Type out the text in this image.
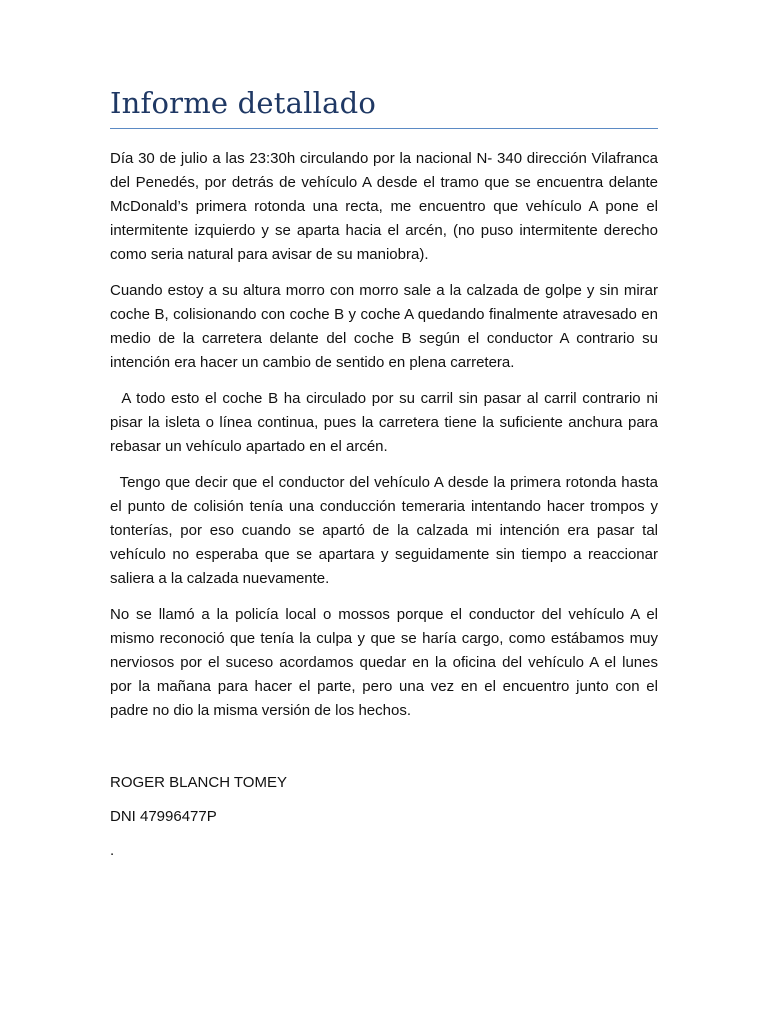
Informe detallado

Día 30 de julio a las 23:30h circulando por la nacional N- 340 dirección Vilafranca del Penedés, por detrás de vehículo A desde el tramo que se encuentra delante McDonald’s primera rotonda una recta, me encuentro que vehículo A pone el intermitente izquierdo y se aparta hacia el arcén, (no puso intermitente derecho como seria natural para avisar de su maniobra).

Cuando estoy a su altura morro con morro sale a la calzada de golpe y sin mirar coche B, colisionando con coche B y coche A quedando finalmente atravesado en medio de la carretera delante del coche B según el conductor A contrario su intención era hacer un cambio de sentido en plena carretera.

A todo esto el coche B ha circulado por su carril sin pasar al carril contrario ni pisar la isleta o línea continua, pues la carretera tiene la suficiente anchura para rebasar un vehículo apartado en el arcén.

Tengo que decir que el conductor del vehículo A desde la primera rotonda hasta el punto de colisión tenía una conducción temeraria intentando hacer trompos y tonterías, por eso cuando se apartó de la calzada mi intención era pasar tal vehículo no esperaba que se apartara y seguidamente sin tiempo a reaccionar saliera a la calzada nuevamente.

No se llamó a la policía local o mossos porque el conductor del vehículo A el mismo reconoció que tenía la culpa y que se haría cargo, como estábamos muy nerviosos por el suceso acordamos quedar en la oficina del vehículo A el lunes por la mañana para hacer el parte, pero una vez en el encuentro junto con el padre no dio la misma versión de los hechos.

ROGER BLANCH TOMEY

DNI 47996477P

.
